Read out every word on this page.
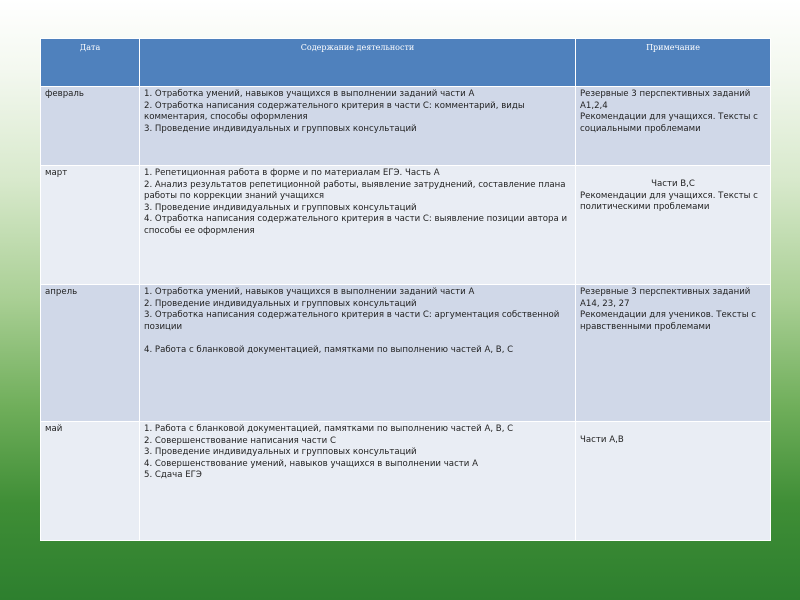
Дата	Содержание деятельности	Примечание
февраль	1. Отработка умений, навыков учащихся в выполнении заданий части А
2. Отработка написания содержательного критерия в части С: комментарий, виды комментария, способы оформления
3. Проведение индивидуальных и групповых консультаций	Резервные 3 перспективных заданий А1,2,4
Рекомендации для учащихся. Тексты с социальными проблемами

март	1. Репетиционная работа в форме и по материалам ЕГЭ. Часть А
2. Анализ результатов репетиционной работы, выявление затруднений, составление плана работы по коррекции знаний учащихся
3. Проведение индивидуальных и групповых консультаций
4. Отработка написания содержательного критерия в части С: выявление позиции автора и способы ее оформления	Части В,С
Рекомендации для учащихся. Тексты с политическими проблемами

апрель	1. Отработка умений, навыков учащихся в выполнении заданий части А
2. Проведение индивидуальных и групповых консультаций
3. Отработка написания содержательного критерия в части С: аргументация собственной позиции
4. Работа с бланковой документацией, памятками по выполнению частей А, В, С	Резервные 3 перспективных заданий А14, 23, 27
Рекомендации для учеников. Тексты с нравственными проблемами

май	1. Работа с бланковой документацией, памятками по выполнению частей А, В, С
2. Совершенствование написания части С
3. Проведение индивидуальных и групповых консультаций
4. Совершенствование умений, навыков учащихся в выполнении части А
5. Сдача ЕГЭ	Части А,В
